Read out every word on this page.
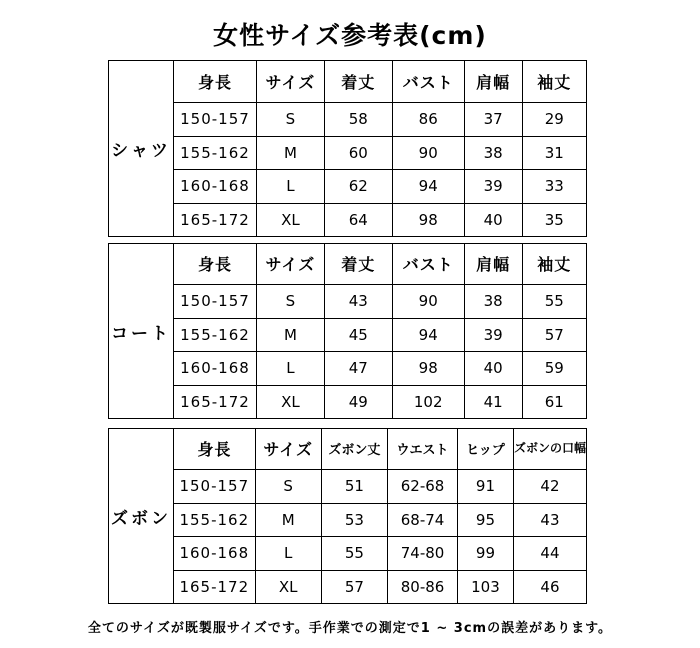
女性サイズ参考表(cm)
シャツ
身長	サイズ	着丈	バスト	肩幅	袖丈
150-157	S	58	86	37	29
155-162	M	60	90	38	31
160-168	L	62	94	39	33
165-172	XL	64	98	40	35
コート
身長	サイズ	着丈	バスト	肩幅	袖丈
150-157	S	43	90	38	55
155-162	M	45	94	39	57
160-168	L	47	98	40	59
165-172	XL	49	102	41	61
ズボン
身長	サイズ	ズボン丈	ウエスト	ヒップ	ズボンの口幅
150-157	S	51	62-68	91	42
155-162	M	53	68-74	95	43
160-168	L	55	74-80	99	44
165-172	XL	57	80-86	103	46
全てのサイズが既製服サイズです。手作業での測定で1 ~ 3cmの誤差があります。
